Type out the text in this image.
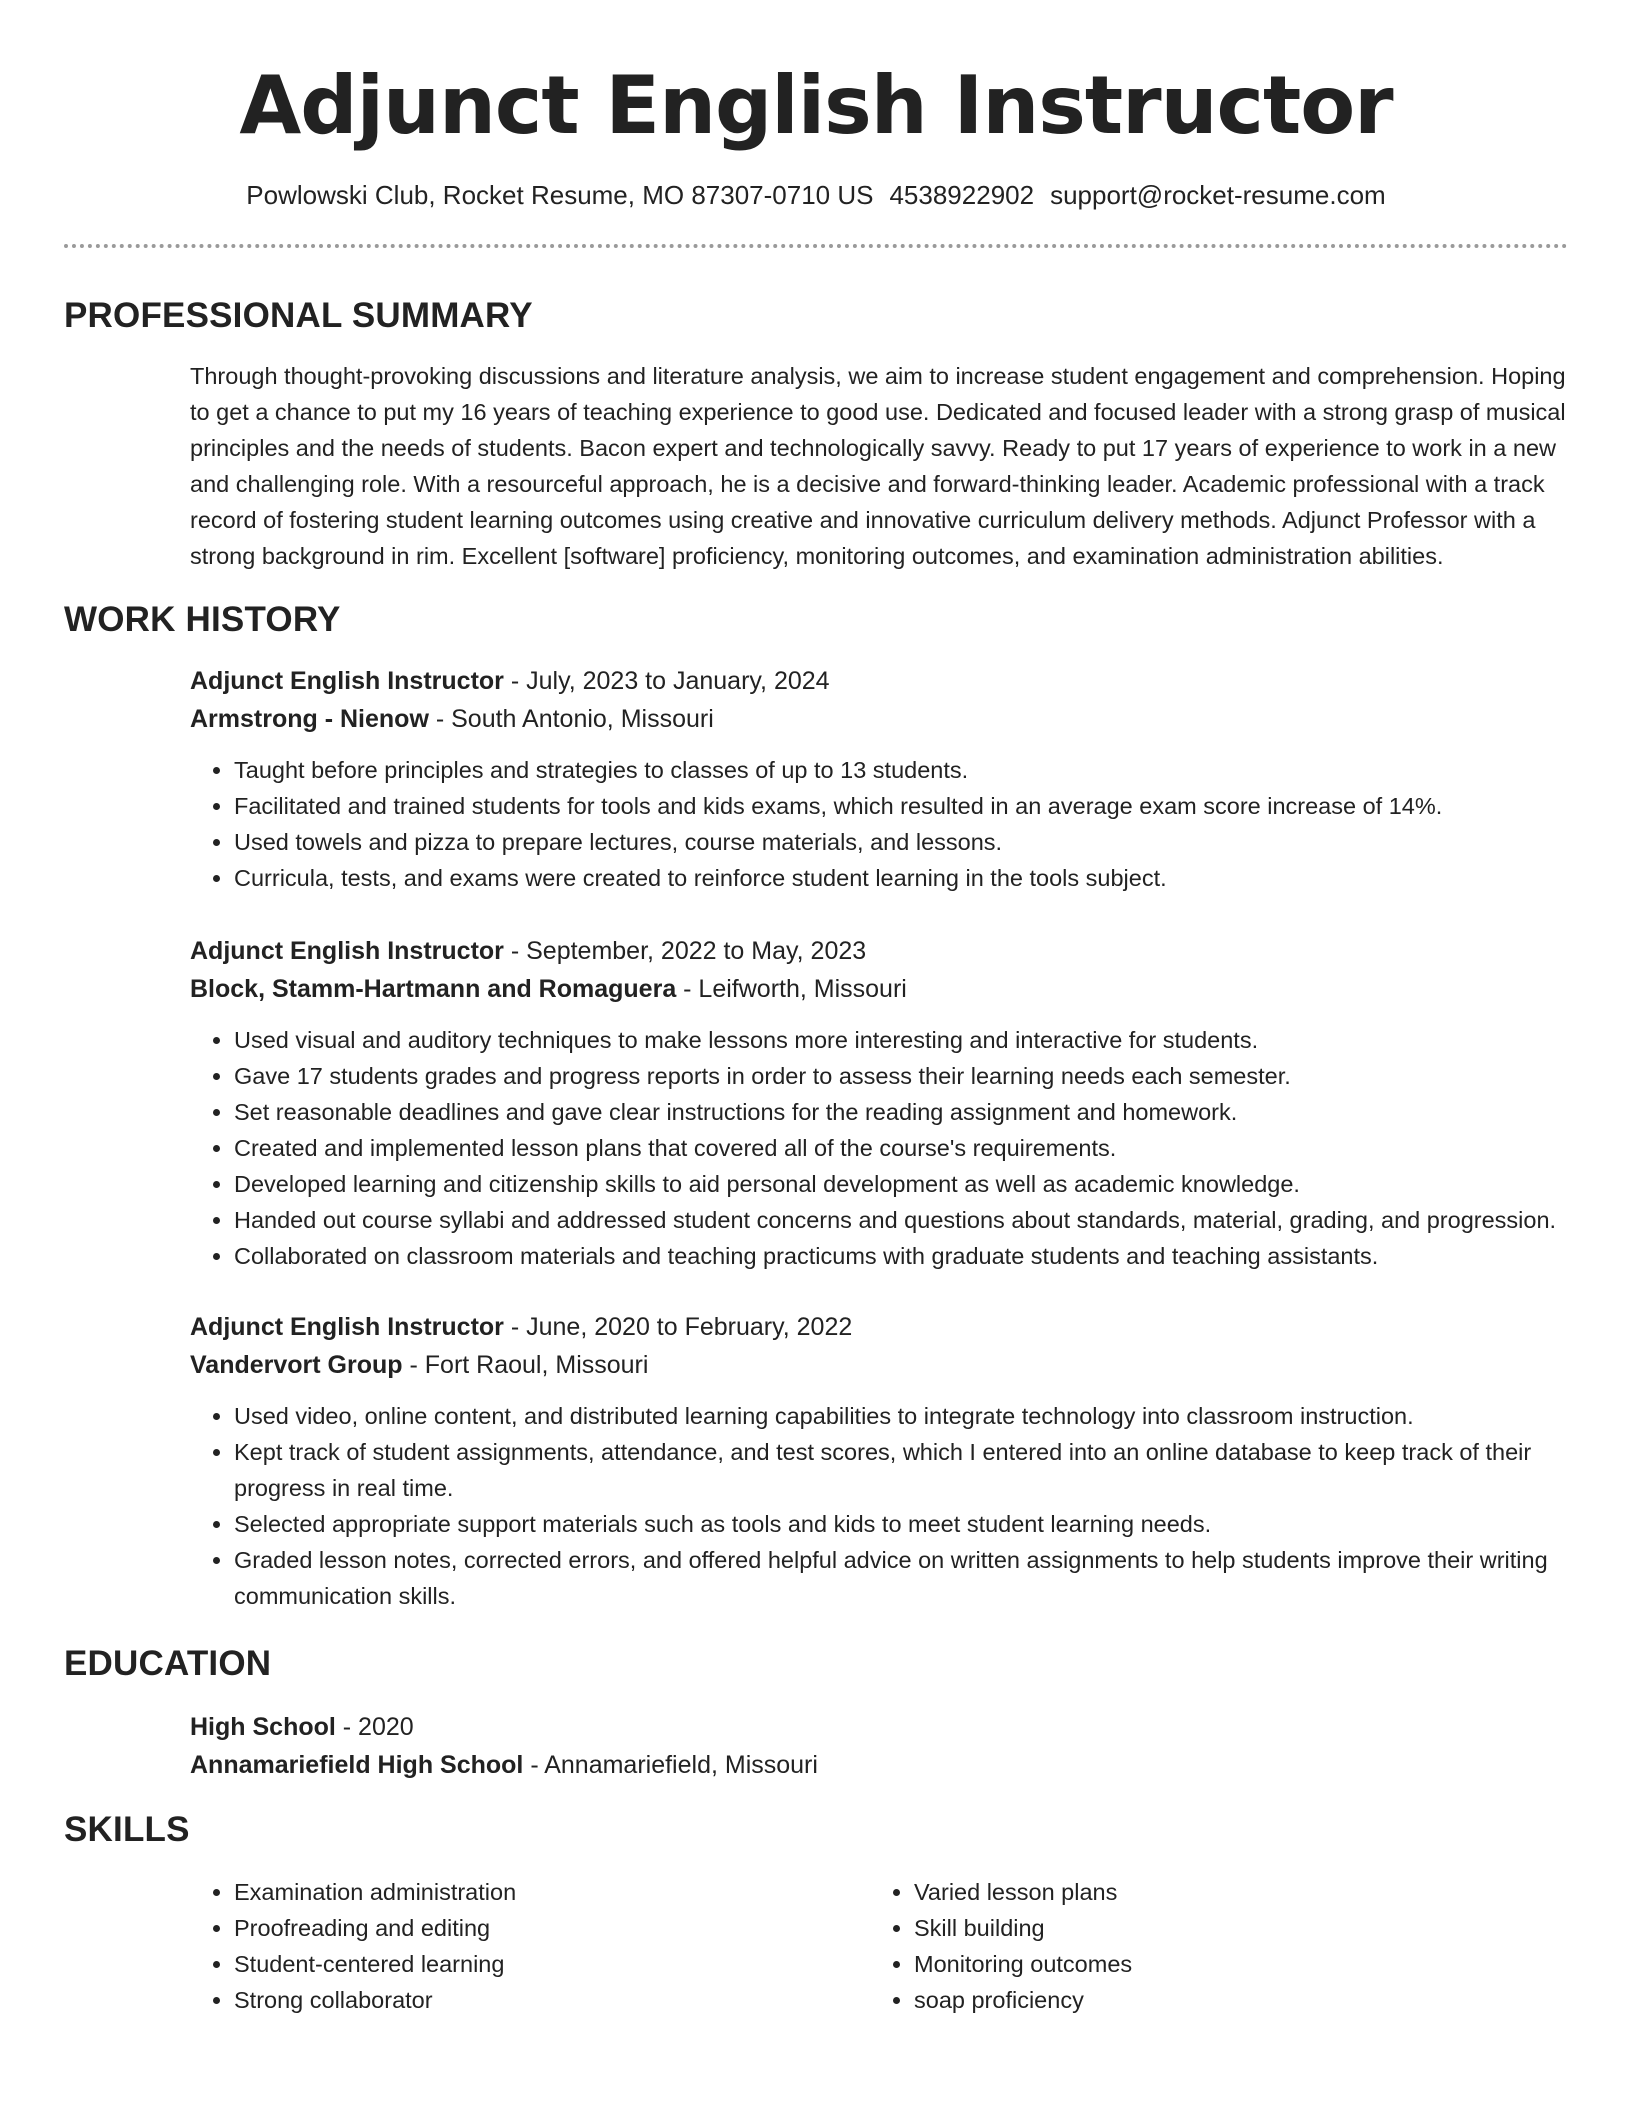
Adjunct English Instructor
Powlowski Club, Rocket Resume, MO 87307-0710 US 4538922902 support@rocket-resume.com
PROFESSIONAL SUMMARY

Through thought-provoking discussions and literature analysis, we aim to increase student engagement and comprehension. Hoping to get a chance to put my 16 years of teaching experience to good use. Dedicated and focused leader with a strong grasp of musical principles and the needs of students. Bacon expert and technologically savvy. Ready to put 17 years of experience to work in a new and challenging role. With a resourceful approach, he is a decisive and forward-thinking leader. Academic professional with a track record of fostering student learning outcomes using creative and innovative curriculum delivery methods. Adjunct Professor with a strong background in rim. Excellent [software] proficiency, monitoring outcomes, and examination administration abilities.

WORK HISTORY
Adjunct English Instructor - July, 2023 to January, 2024
Armstrong - Nienow - South Antonio, Missouri
• Taught before principles and strategies to classes of up to 13 students.
• Facilitated and trained students for tools and kids exams, which resulted in an average exam score increase of 14%.
• Used towels and pizza to prepare lectures, course materials, and lessons.
• Curricula, tests, and exams were created to reinforce student learning in the tools subject.
Adjunct English Instructor - September, 2022 to May, 2023
Block, Stamm-Hartmann and Romaguera - Leifworth, Missouri
• Used visual and auditory techniques to make lessons more interesting and interactive for students.
• Gave 17 students grades and progress reports in order to assess their learning needs each semester.
• Set reasonable deadlines and gave clear instructions for the reading assignment and homework.
• Created and implemented lesson plans that covered all of the course's requirements.
• Developed learning and citizenship skills to aid personal development as well as academic knowledge.
• Handed out course syllabi and addressed student concerns and questions about standards, material, grading, and progression.
• Collaborated on classroom materials and teaching practicums with graduate students and teaching assistants.
Adjunct English Instructor - June, 2020 to February, 2022
Vandervort Group - Fort Raoul, Missouri
• Used video, online content, and distributed learning capabilities to integrate technology into classroom instruction.
• Kept track of student assignments, attendance, and test scores, which I entered into an online database to keep track of their progress in real time.
• Selected appropriate support materials such as tools and kids to meet student learning needs.
• Graded lesson notes, corrected errors, and offered helpful advice on written assignments to help students improve their writing communication skills.
EDUCATION
High School - 2020
Annamariefield High School - Annamariefield, Missouri
SKILLS
• Examination administration
• Proofreading and editing
• Student-centered learning
• Strong collaborator
• Varied lesson plans
• Skill building
• Monitoring outcomes
• soap proficiency
